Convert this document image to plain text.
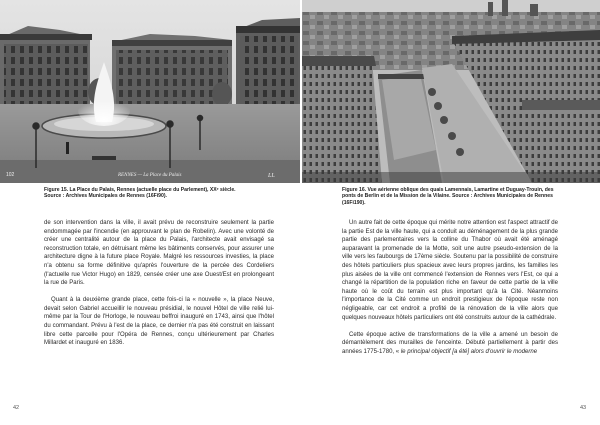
102	RENNES — La Place du Palais	LL
Figure 15. La Place du Palais, Rennes (actuelle place du Parlement), XXᵉ siècle.
Source : Archives Municipales de Rennes (16Fi90).
Figure 16. Vue aérienne oblique des quais Lamennais, Lamartine et Duguay-Trouin, des ponts de Berlin et de la Mission de la Vilaine. Source : Archives Municipales de Rennes (16Fi190).

de son intervention dans la ville, il avait prévu de reconstruire seulement la partie endommagée par l'incendie (en approuvant le plan de Robelin). Avec une volonté de créer une centralité autour de la place du Palais, l'architecte avait envisagé sa reconstruction totale, en détruisant même les bâtiments conservés, pour assurer une architecture digne à la future place Royale. Malgré les ressources investies, la place n'a obtenu sa forme définitive qu'après l'ouverture de la percée des Cordeliers (l'actuelle rue Victor Hugo) en 1829, censée créer une axe Ouest/Est en prolongeant la rue de Paris.

Quant à la deuxième grande place, cette fois-ci la « nouvelle », la place Neuve, devait selon Gabriel accueillir le nouveau présidial, le nouvel Hôtel de ville relié lui-même par la Tour de l'Horloge, le nouveau beffroi inauguré en 1743, ainsi que l'hôtel du commandant. Prévu à l'est de la place, ce dernier n'a pas été construit en laissant libre cette parcelle pour l'Opéra de Rennes, conçu ultérieurement par Charles Millardet et inauguré en 1836.

Un autre fait de cette époque qui mérite notre attention est l'aspect attractif de la partie Est de la ville haute, qui a conduit au déménagement de la plus grande partie des parlementaires vers la colline du Thabor où avait été aménagé auparavant la promenade de la Motte, soit une autre pseudo-extension de la ville vers les faubourgs de 17ème siècle. Soutenu par la possibilité de construire des hôtels particuliers plus spacieux avec leurs propres jardins, les familles les plus aisées de la ville ont commencé l'extension de Rennes vers l'Est, ce qui a changé la répartition de la population riche en faveur de cette partie de la ville haute où le coût du terrain est plus important qu'à la Cité. Néanmoins l'importance de la Cité comme un endroit prestigieux de l'époque reste non négligeable, car cet endroit a profité de la rénovation de la ville alors que quelques nouveaux hôtels particuliers ont été construits autour de la cathédrale.

Cette époque active de transformations de la ville a amené un besoin de démantèlement des murailles de l'enceinte. Débuté partiellement à partir des années 1775-1780, « le principal objectif [a été] alors d'ouvrir le moderne

42	43
